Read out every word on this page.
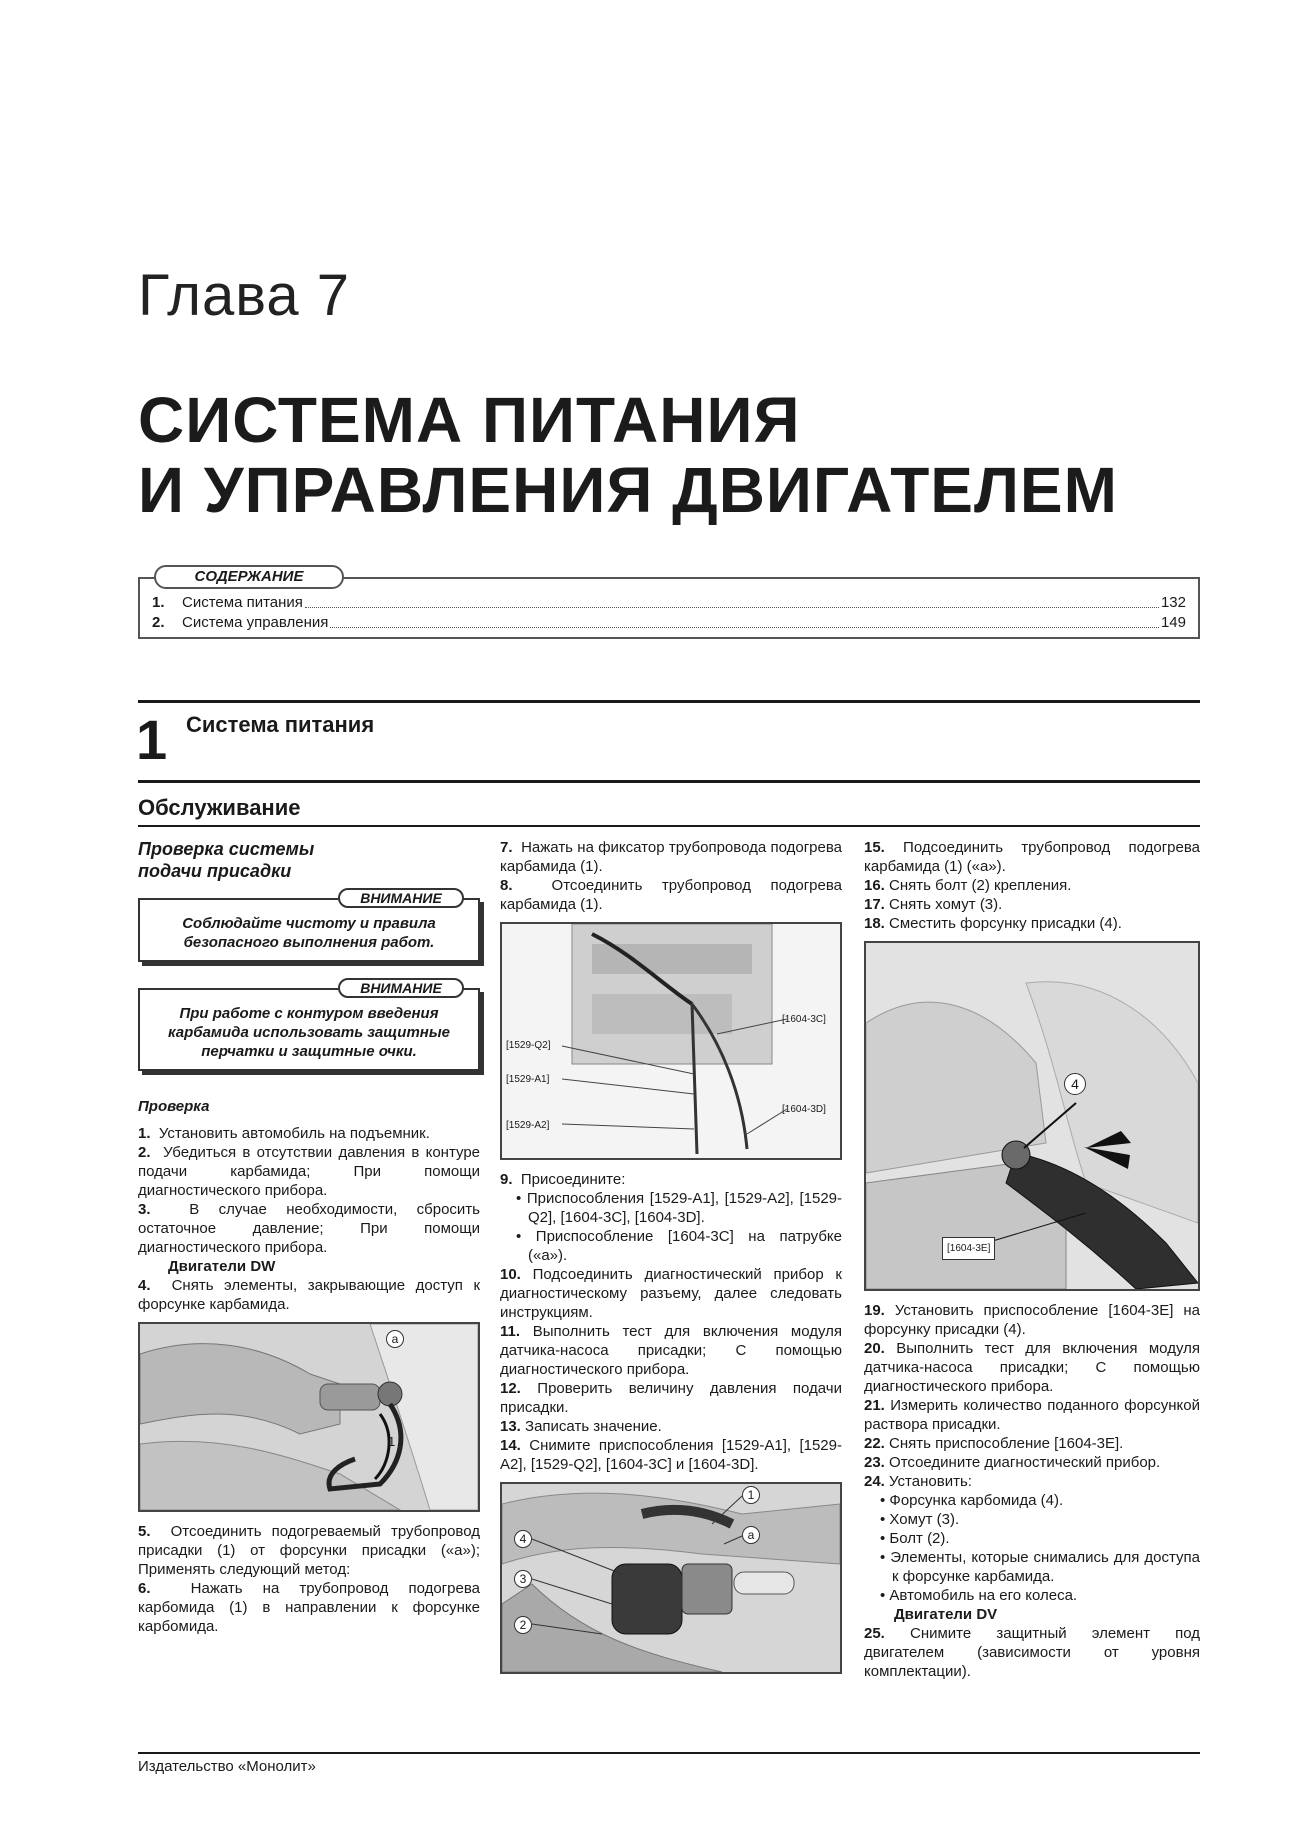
Глава 7
СИСТЕМА ПИТАНИЯ
И УПРАВЛЕНИЯ ДВИГАТЕЛЕМ
СОДЕРЖАНИЕ
1.	Система питания	132
2.	Система управления	149
1 Система питания
Обслуживание
Проверка системы
подачи присадки
ВНИМАНИЕ
Соблюдайте чистоту и правила безопасного выполнения работ.
ВНИМАНИЕ
При работе с контуром введения карбамида использовать защитные перчатки и защитные очки.
Проверка

1. Установить автомобиль на подъемник.

2. Убедиться в отсутствии давления в контуре подачи карбамида; При помощи диагностического прибора.

3.	В случае необходимости, сбросить остаточное давление; При помощи диагностического прибора.

Двигатели DW

4. Снять элементы, закрывающие доступ к форсунке карбамида.

a
1

5. Отсоединить подогреваемый трубопровод присадки (1) от форсунки присадки («а»); Применять следующий метод:

6.	Нажать на трубопровод подогрева карбомида (1) в направлении к форсунке карбомида.

7. Нажать на фиксатор трубопровода подогрева карбамида (1).

8.	Отсоединить трубопровод подогрева карбамида (1).

[1529-Q2]
[1529-A1]
[1529-A2]
[1604-3C]
[1604-3D]

9. Присоедините:

• Приспособления [1529-A1], [1529-A2], [1529-Q2], [1604-3C], [1604-3D].

• Приспособление [1604-3C] на патрубке («а»).

10. Подсоединить диагностический прибор к диагностическому разъему, далее следовать инструкциям.

11. Выполнить тест для включения модуля датчика-насоса присадки; С помощью диагностического прибора.

12. Проверить величину давления подачи присадки.

13. Записать значение.

14. Снимите приспособления [1529-A1], [1529-A2], [1529-Q2], [1604-3C] и [1604-3D].

1
a
4
3
2

15. Подсоединить трубопровод подогрева карбамида (1) («а»).

16. Снять болт (2) крепления.

17. Снять хомут (3).

18. Сместить форсунку присадки (4).

4
[1604-3E]

19. Установить приспособление [1604-3E] на форсунку присадки (4).

20. Выполнить тест для включения модуля датчика-насоса присадки; С помощью диагностического прибора.

21. Измерить количество поданного форсункой раствора присадки.

22. Снять приспособление [1604-3E].

23. Отсоедините диагностический прибор.

24. Установить:

• Форсунка карбомида (4).

• Хомут (3).

• Болт (2).

• Элементы, которые снимались для доступа к форсунке карбамида.

• Автомобиль на его колеса.

Двигатели DV

25. Снимите защитный элемент под двигателем (зависимости от уровня комплектации).

Издательство «Монолит»
